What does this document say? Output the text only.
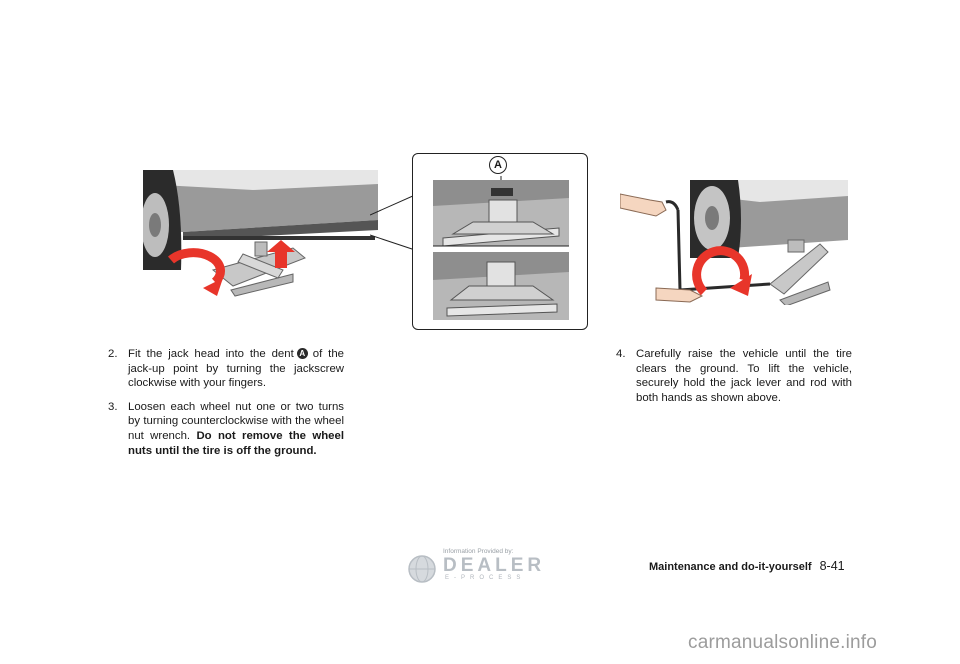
A

2. Fit the jack head into the dent A of the jack-up point by turning the jackscrew clockwise with your fingers.

3. Loosen each wheel nut one or two turns by turning counterclockwise with the wheel nut wrench. Do not remove the wheel nuts until the tire is off the ground.

4. Carefully raise the vehicle until the tire clears the ground. To lift the vehicle, securely hold the jack lever and rod with both hands as shown above.

Information Provided by:
DEALER
E-PROCESS
Maintenance and do-it-yourself 8-41
carmanualsonline.info
